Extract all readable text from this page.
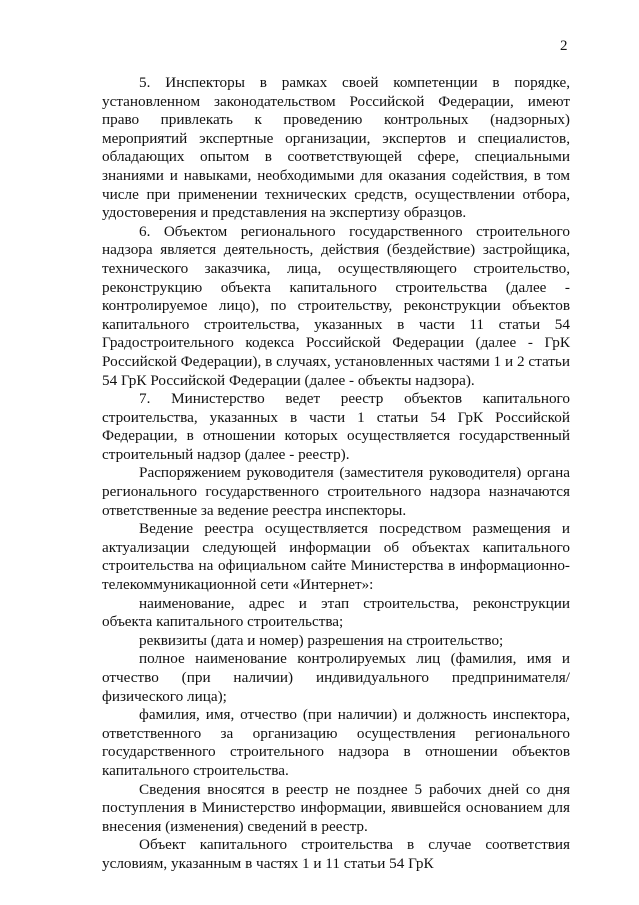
2

5. Инспекторы в рамках своей компетенции в порядке, установленном законодательством Российской Федерации, имеют право привлекать к проведению контрольных (надзорных) мероприятий экспертные организации, экспертов и специалистов, обладающих опытом в соответствующей сфере, специальными знаниями и навыками, необходимыми для оказания содействия, в том числе при применении технических средств, осуществлении отбора, удостоверения и представления на экспертизу образцов.

6. Объектом регионального государственного строительного надзора является деятельность, действия (бездействие) застройщика, технического заказчика, лица, осуществляющего строительство, реконструкцию объекта капитального строительства (далее - контролируемое лицо), по строительству, реконструкции объектов капитального строительства, указанных в части 11 статьи 54 Градостроительного кодекса Российской Федерации (далее - ГрК Российской Федерации), в случаях, установленных частями 1 и 2 статьи 54 ГрК Российской Федерации (далее - объекты надзора).

7. Министерство ведет реестр объектов капитального строительства, указанных в части 1 статьи 54 ГрК Российской Федерации, в отношении которых осуществляется государственный строительный надзор (далее - реестр).

Распоряжением руководителя (заместителя руководителя) органа регионального государственного строительного надзора назначаются ответственные за ведение реестра инспекторы.

Ведение реестра осуществляется посредством размещения и актуализации следующей информации об объектах капитального строительства на официальном сайте Министерства в информационно-телекоммуникационной сети «Интернет»:

наименование, адрес и этап строительства, реконструкции объекта капитального строительства;

реквизиты (дата и номер) разрешения на строительство;

полное наименование контролируемых лиц (фамилия, имя и отчество (при наличии) индивидуального предпринимателя/физического лица);

фамилия, имя, отчество (при наличии) и должность инспектора, ответственного за организацию осуществления регионального государственного строительного надзора в отношении объектов капитального строительства.

Сведения вносятся в реестр не позднее 5 рабочих дней со дня поступления в Министерство информации, явившейся основанием для внесения (изменения) сведений в реестр.

Объект капитального строительства в случае соответствия условиям, указанным в частях 1 и 11 статьи 54 ГрК
